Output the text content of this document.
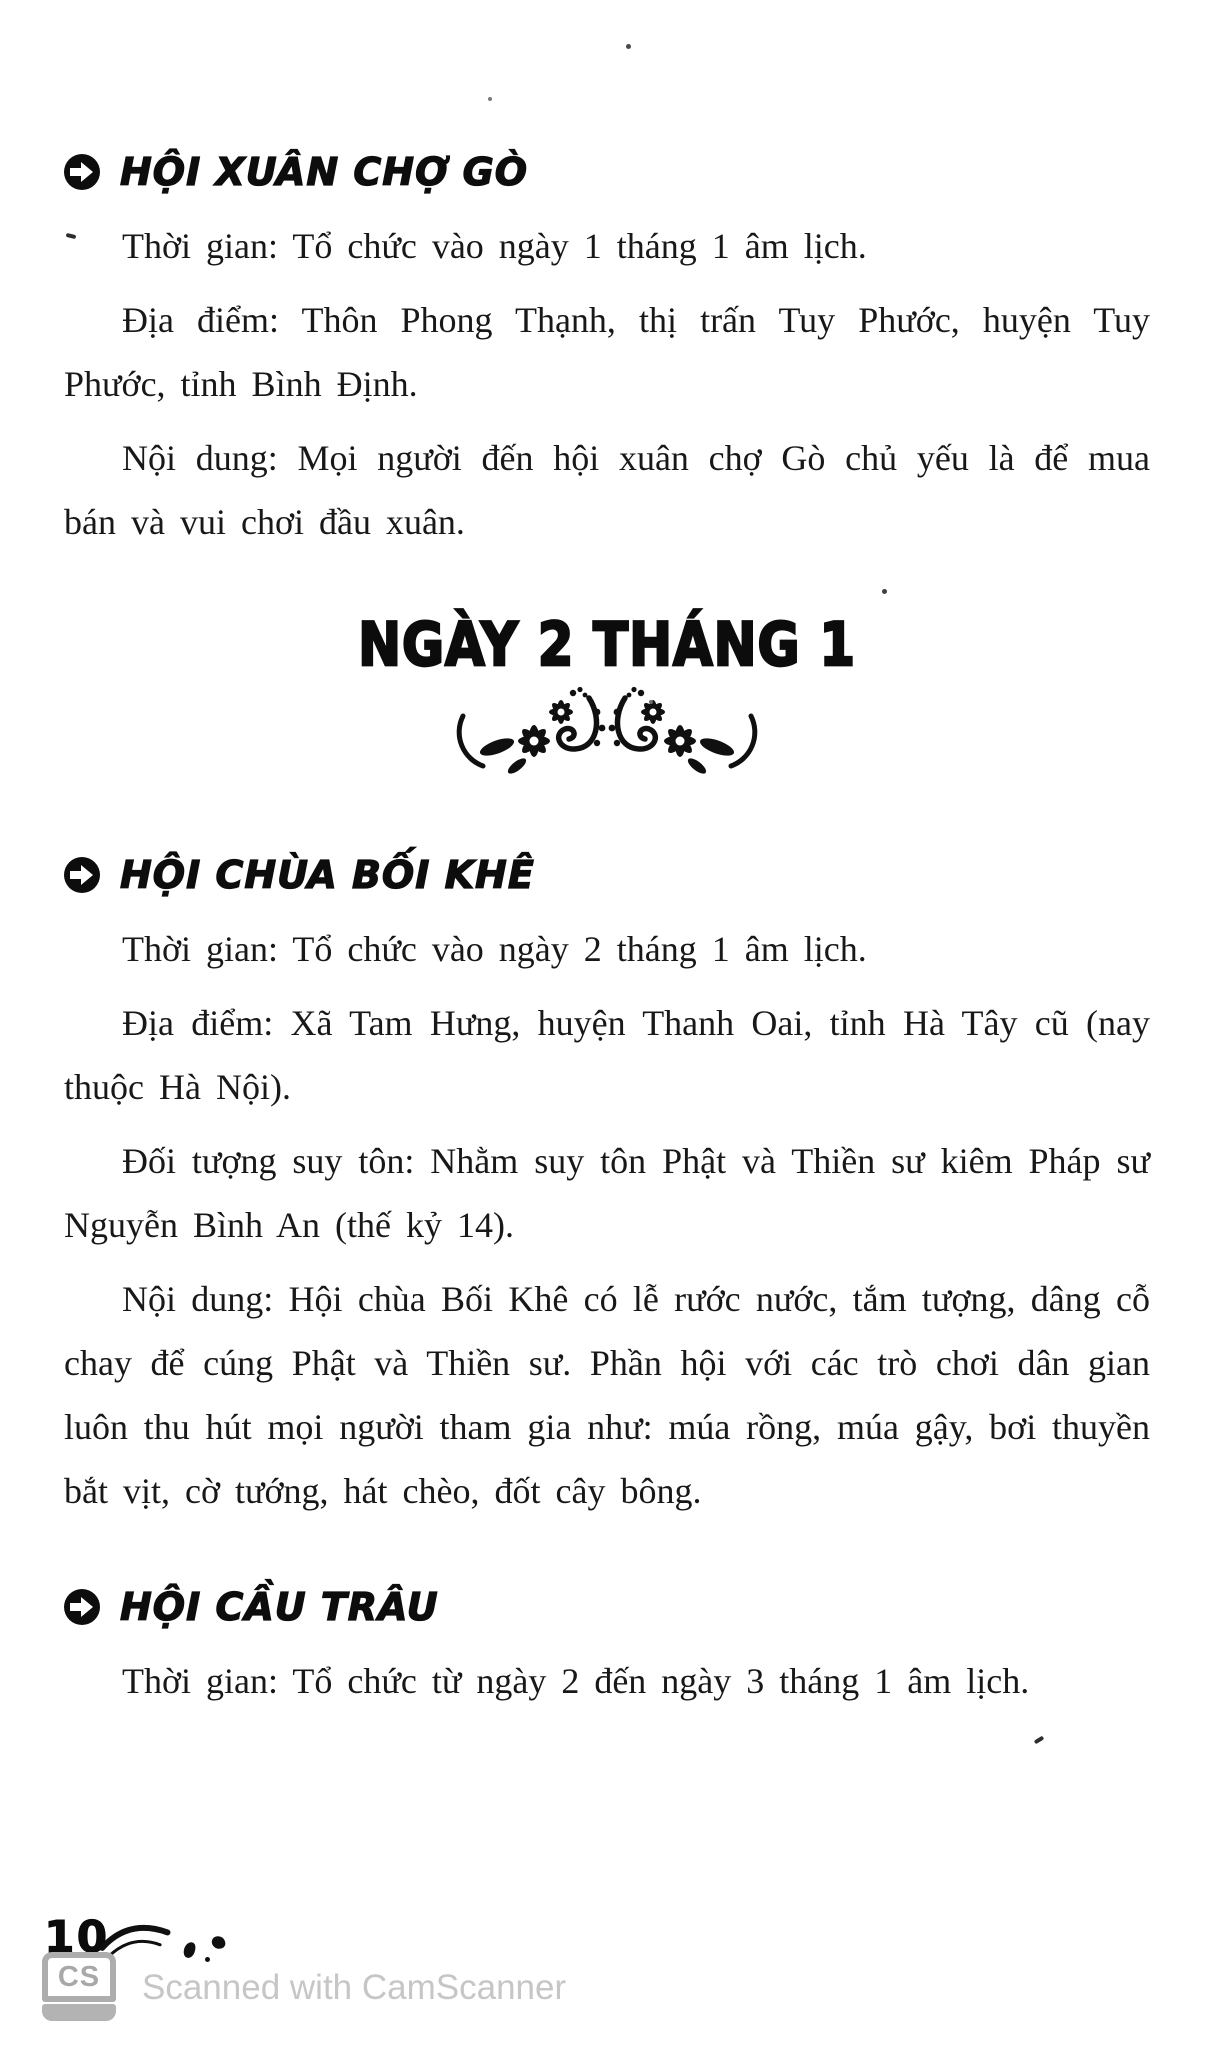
HỘI XUÂN CHỢ GÒ

Thời gian: Tổ chức vào ngày 1 tháng 1 âm lịch.

Địa điểm: Thôn Phong Thạnh, thị trấn Tuy Phước, huyện Tuy Phước, tỉnh Bình Định.

Nội dung: Mọi người đến hội xuân chợ Gò chủ yếu là để mua bán và vui chơi đầu xuân.

NGÀY 2 THÁNG 1
HỘI CHÙA BỐI KHÊ

Thời gian: Tổ chức vào ngày 2 tháng 1 âm lịch.

Địa điểm: Xã Tam Hưng, huyện Thanh Oai, tỉnh Hà Tây cũ (nay thuộc Hà Nội).

Đối tượng suy tôn: Nhằm suy tôn Phật và Thiền sư kiêm Pháp sư Nguyễn Bình An (thế kỷ 14).

Nội dung: Hội chùa Bối Khê có lễ rước nước, tắm tượng, dâng cỗ chay để cúng Phật và Thiền sư. Phần hội với các trò chơi dân gian luôn thu hút mọi người tham gia như: múa rồng, múa gậy, bơi thuyền bắt vịt, cờ tướng, hát chèo, đốt cây bông.

HỘI CẦU TRÂU

Thời gian: Tổ chức từ ngày 2 đến ngày 3 tháng 1 âm lịch.

10
CS	Scanned with CamScanner
